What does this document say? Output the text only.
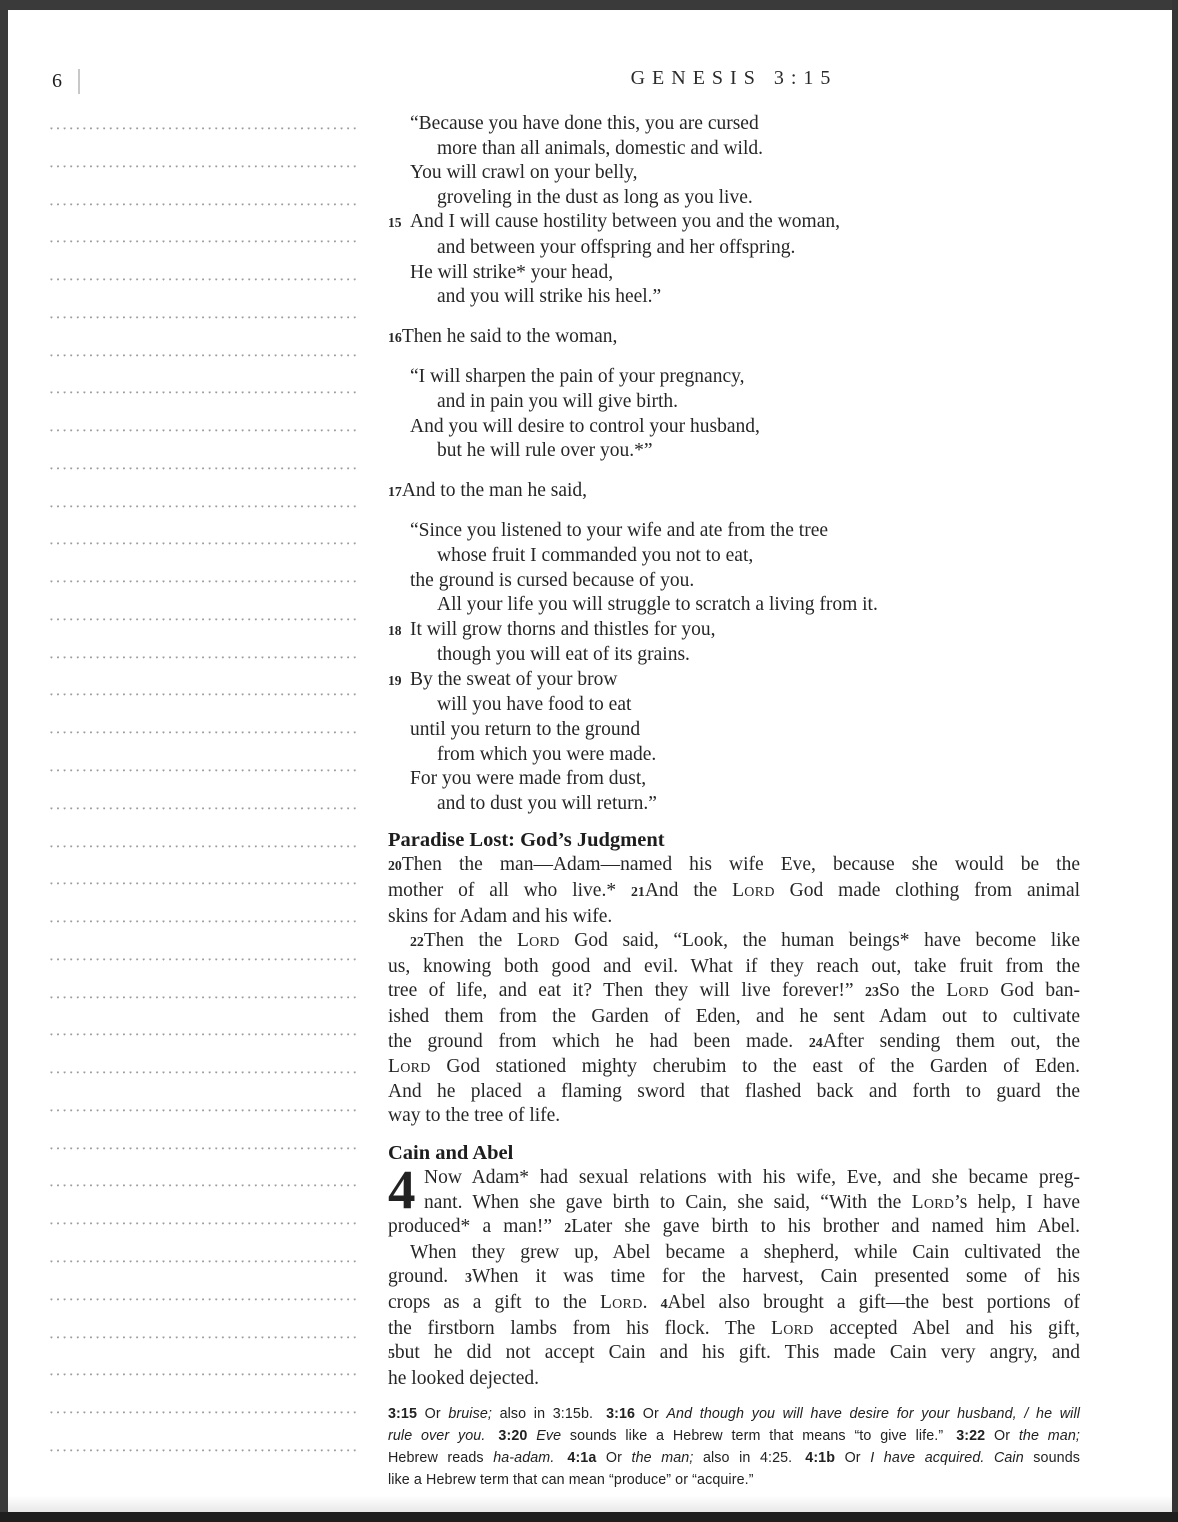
6	GENESIS 3:15
“Because you have done this, you are cursed
more than all animals, domestic and wild.
You will crawl on your belly,
groveling in the dust as long as you live.
15 And I will cause hostility between you and the woman,
and between your offspring and her offspring.
He will strike* your head,
and you will strike his heel.”
16Then he said to the woman,
“I will sharpen the pain of your pregnancy,
and in pain you will give birth.
And you will desire to control your husband,
but he will rule over you.*”
17And to the man he said,
“Since you listened to your wife and ate from the tree
whose fruit I commanded you not to eat,
the ground is cursed because of you.
All your life you will struggle to scratch a living from it.
18 It will grow thorns and thistles for you,
though you will eat of its grains.
19 By the sweat of your brow
will you have food to eat
until you return to the ground
from which you were made.
For you were made from dust,
and to dust you will return.”
Paradise Lost: God’s Judgment
20Then the man—Adam—named his wife Eve, because she would be the
mother of all who live.* 21And the Lord God made clothing from animal
skins for Adam and his wife.
22Then the Lord God said, “Look, the human beings* have become like
us, knowing both good and evil. What if they reach out, take fruit from the
tree of life, and eat it? Then they will live forever!” 23So the Lord God ban-
ished them from the Garden of Eden, and he sent Adam out to cultivate
the ground from which he had been made. 24After sending them out, the
Lord God stationed mighty cherubim to the east of the Garden of Eden.
And he placed a flaming sword that flashed back and forth to guard the
way to the tree of life.
Cain and Abel
4 Now Adam* had sexual relations with his wife, Eve, and she became preg-
nant. When she gave birth to Cain, she said, “With the Lord’s help, I have
produced* a man!” 2Later she gave birth to his brother and named him Abel.
When they grew up, Abel became a shepherd, while Cain cultivated the
ground. 3When it was time for the harvest, Cain presented some of his
crops as a gift to the Lord. 4Abel also brought a gift—the best portions of
the firstborn lambs from his flock. The Lord accepted Abel and his gift,
5but he did not accept Cain and his gift. This made Cain very angry, and
he looked dejected.
3:15 Or bruise; also in 3:15b. 3:16 Or And though you will have desire for your husband, / he will
rule over you. 3:20 Eve sounds like a Hebrew term that means “to give life.” 3:22 Or the man;
Hebrew reads ha-adam. 4:1a Or the man; also in 4:25. 4:1b Or I have acquired. Cain sounds
like a Hebrew term that can mean “produce” or “acquire.”
